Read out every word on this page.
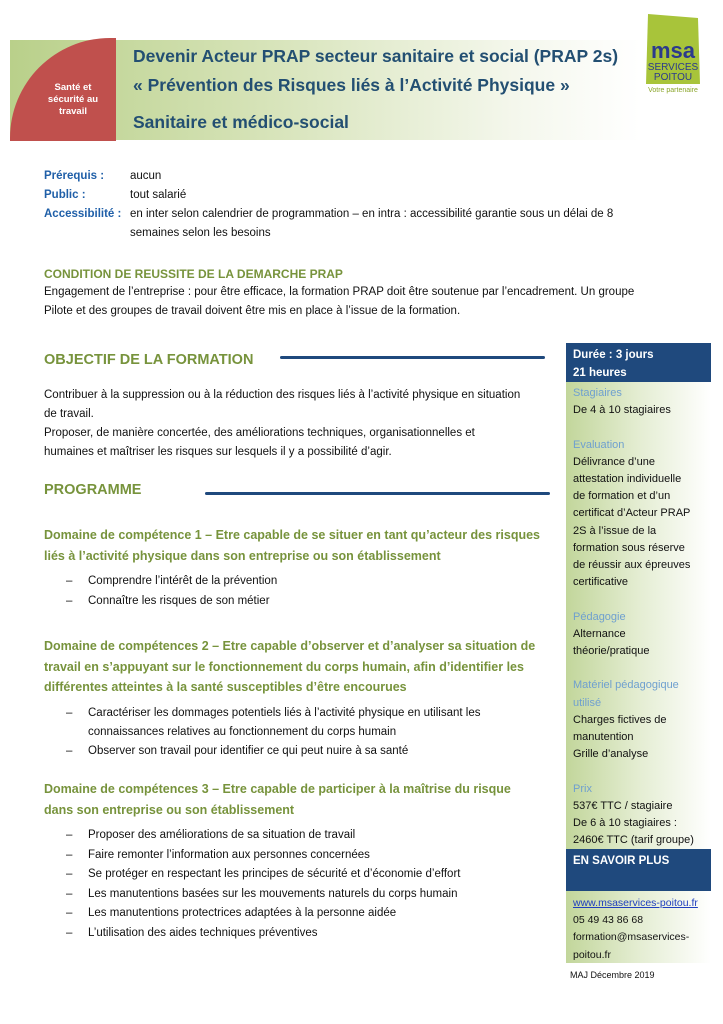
Santé et sécurité au travail
Devenir Acteur PRAP secteur sanitaire et social (PRAP 2s)
« Prévention des Risques liés à l’Activité Physique »
Sanitaire et médico-social
msa
SERVICES
POITOU
Votre partenaire
Prérequis : aucun
Public :	tout salarié
Accessibilité : en inter selon calendrier de programmation – en intra : accessibilité garantie sous un délai de 8
semaines selon les besoins
CONDITION DE REUSSITE DE LA DEMARCHE PRAP
Engagement de l’entreprise : pour être efficace, la formation PRAP doit être soutenue par l’encadrement. Un groupe
Pilote et des groupes de travail doivent être mis en place à l’issue de la formation.
OBJECTIF DE LA FORMATION
Contribuer à la suppression ou à la réduction des risques liés à l’activité physique en situation
de travail.
Proposer, de manière concertée, des améliorations techniques, organisationnelles et
humaines et maîtriser les risques sur lesquels il y a possibilité d’agir.
PROGRAMME
Domaine de compétence 1 – Etre capable de se situer en tant qu’acteur des risques
liés à l’activité physique dans son entreprise ou son établissement
– Comprendre l’intérêt de la prévention
– Connaître les risques de son métier
Domaine de compétences 2 – Etre capable d’observer et d’analyser sa situation de
travail en s’appuyant sur le fonctionnement du corps humain, afin d’identifier les
différentes atteintes à la santé susceptibles d’être encourues
– Caractériser les dommages potentiels liés à l’activité physique en utilisant les
connaissances relatives au fonctionnement du corps humain
– Observer son travail pour identifier ce qui peut nuire à sa santé
Domaine de compétences 3 – Etre capable de participer à la maîtrise du risque
dans son entreprise ou son établissement
– Proposer des améliorations de sa situation de travail
– Faire remonter l’information aux personnes concernées
– Se protéger en respectant les principes de sécurité et d’économie d’effort
– Les manutentions basées sur les mouvements naturels du corps humain
– Les manutentions protectrices adaptées à la personne aidée
– L’utilisation des aides techniques préventives
Durée : 3 jours
21 heures
Stagiaires
De 4 à 10 stagiaires

Evaluation
Délivrance d’une
attestation individuelle
de formation et d’un
certificat d’Acteur PRAP
2S à l’issue de la
formation sous réserve
de réussir aux épreuves
certificative

Pédagogie
Alternance
théorie/pratique

Matériel pédagogique
utilisé
Charges fictives de
manutention
Grille d’analyse

Prix
537€ TTC / stagiaire
De 6 à 10 stagiaires :
2460€ TTC (tarif groupe)
EN SAVOIR PLUS
www.msaservices-poitou.fr
05 49 43 86 68
formation@msaservices-
poitou.fr
MAJ Décembre 2019
